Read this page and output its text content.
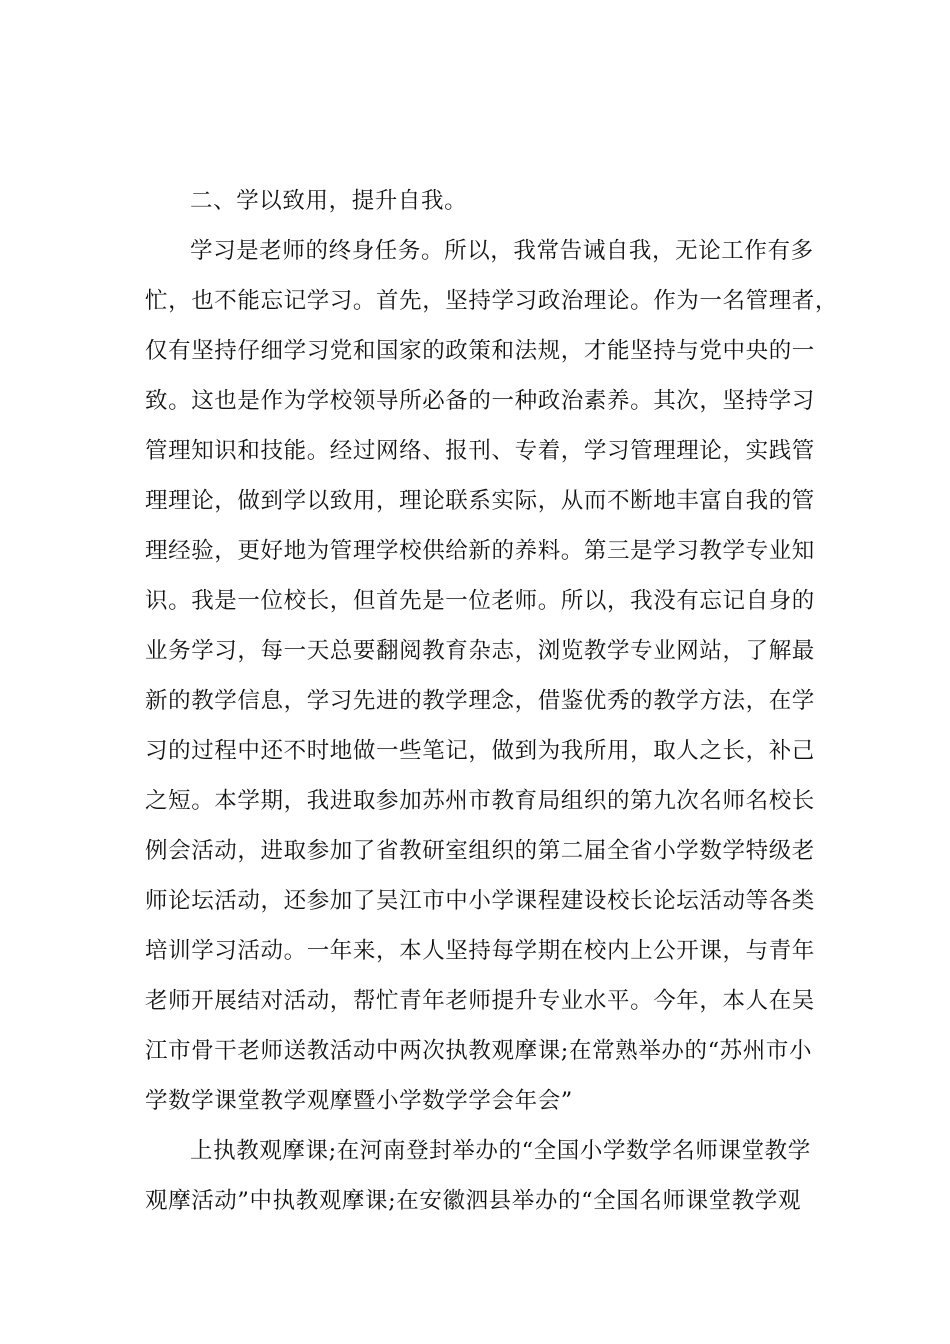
二、学以致用，提升自我。
学习是老师的终身任务。所以，我常告诫自我，无论工作有多
忙，也不能忘记学习。首先，坚持学习政治理论。作为一名管理者，
仅有坚持仔细学习党和国家的政策和法规，才能坚持与党中央的一
致。这也是作为学校领导所必备的一种政治素养。其次，坚持学习
管理知识和技能。经过网络、报刊、专着，学习管理理论，实践管
理理论，做到学以致用，理论联系实际，从而不断地丰富自我的管
理经验，更好地为管理学校供给新的养料。第三是学习教学专业知
识。我是一位校长，但首先是一位老师。所以，我没有忘记自身的
业务学习，每一天总要翻阅教育杂志，浏览教学专业网站，了解最
新的教学信息，学习先进的教学理念，借鉴优秀的教学方法，在学
习的过程中还不时地做一些笔记，做到为我所用，取人之长，补己
之短。本学期，我进取参加苏州市教育局组织的第九次名师名校长
例会活动，进取参加了省教研室组织的第二届全省小学数学特级老
师论坛活动，还参加了吴江市中小学课程建设校长论坛活动等各类
培训学习活动。一年来，本人坚持每学期在校内上公开课，与青年
老师开展结对活动，帮忙青年老师提升专业水平。今年，本人在吴
江市骨干老师送教活动中两次执教观摩课;在常熟举办的“苏州市小
学数学课堂教学观摩暨小学数学学会年会”
上执教观摩课;在河南登封举办的“全国小学数学名师课堂教学
观摩活动”中执教观摩课;在安徽泗县举办的“全国名师课堂教学观
